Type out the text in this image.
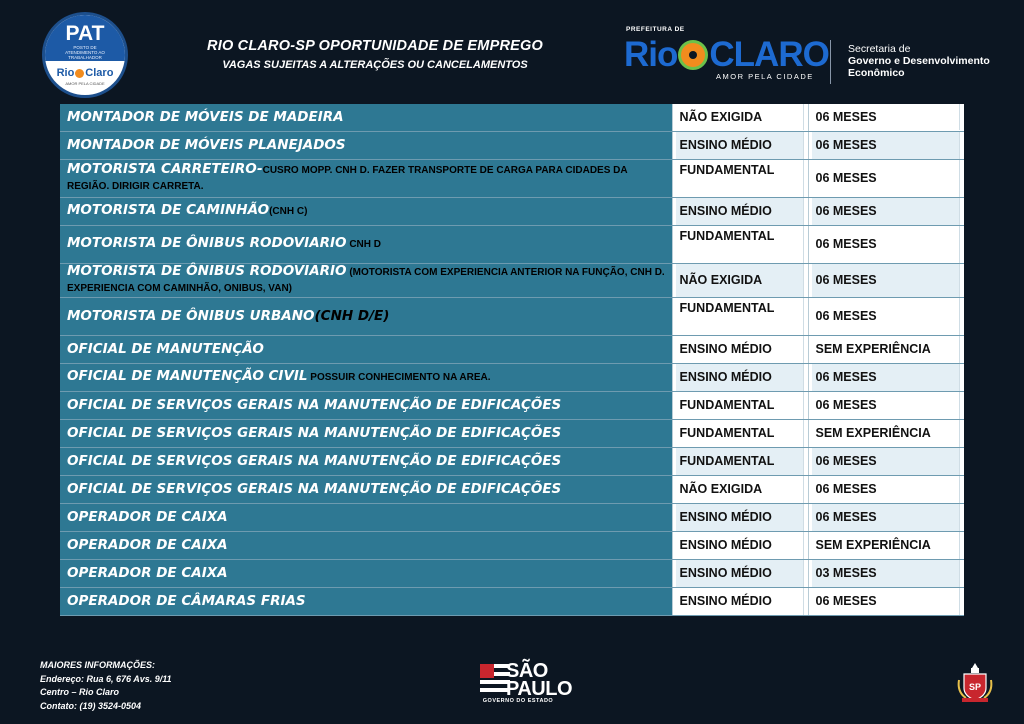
PAT
POSTO DE ATENDIMENTO AO TRABALHADOR
Rio Claro
AMOR PELA CIDADE
RIO CLARO-SP OPORTUNIDADE DE EMPREGO
VAGAS SUJEITAS A ALTERAÇÕES OU CANCELAMENTOS
PREFEITURA DE
Rio CLARO
AMOR PELA CIDADE
Secretaria de
Governo e Desenvolvimento
Econômico
MONTADOR DE MÓVEIS DE MADEIRA	NÃO EXIGIDA	06 MESES

MONTADOR DE MÓVEIS PLANEJADOS	ENSINO MÉDIO	06 MESES

MOTORISTA CARRETEIRO-CUSRO MOPP. CNH D. FAZER TRANSPORTE DE CARGA PARA CIDADES DA REGIÃO. DIRIGIR CARRETA.	FUNDAMENTAL	06 MESES

MOTORISTA DE CAMINHÃO(CNH C)	ENSINO MÉDIO	06 MESES

MOTORISTA DE ÔNIBUS RODOVIARIO CNH D	FUNDAMENTAL	06 MESES

MOTORISTA DE ÔNIBUS RODOVIARIO (MOTORISTA COM EXPERIENCIA ANTERIOR NA FUNÇÃO, CNH D. EXPERIENCIA COM CAMINHÃO, ONIBUS, VAN)	NÃO EXIGIDA	06 MESES

MOTORISTA DE ÔNIBUS URBANO(CNH D/E)	FUNDAMENTAL	06 MESES

OFICIAL DE MANUTENÇÃO	ENSINO MÉDIO	SEM EXPERIÊNCIA

OFICIAL DE MANUTENÇÃO CIVIL POSSUIR CONHECIMENTO NA AREA.	ENSINO MÉDIO	06 MESES

OFICIAL DE SERVIÇOS GERAIS NA MANUTENÇÃO DE EDIFICAÇÕES	FUNDAMENTAL	06 MESES

OFICIAL DE SERVIÇOS GERAIS NA MANUTENÇÃO DE EDIFICAÇÕES	FUNDAMENTAL	SEM EXPERIÊNCIA

OFICIAL DE SERVIÇOS GERAIS NA MANUTENÇÃO DE EDIFICAÇÕES	FUNDAMENTAL	06 MESES

OFICIAL DE SERVIÇOS GERAIS NA MANUTENÇÃO DE EDIFICAÇÕES	NÃO EXIGIDA	06 MESES

OPERADOR DE CAIXA	ENSINO MÉDIO	06 MESES

OPERADOR DE CAIXA	ENSINO MÉDIO	SEM EXPERIÊNCIA

OPERADOR DE CAIXA	ENSINO MÉDIO	03 MESES

OPERADOR DE CÂMARAS FRIAS	ENSINO MÉDIO	06 MESES
MAIORES INFORMAÇÕES:
Endereço: Rua 6, 676 Avs. 9/11
Centro – Rio Claro
Contato: (19) 3524-0504
SÃO
PAULO
GOVERNO DO ESTADO
SP
